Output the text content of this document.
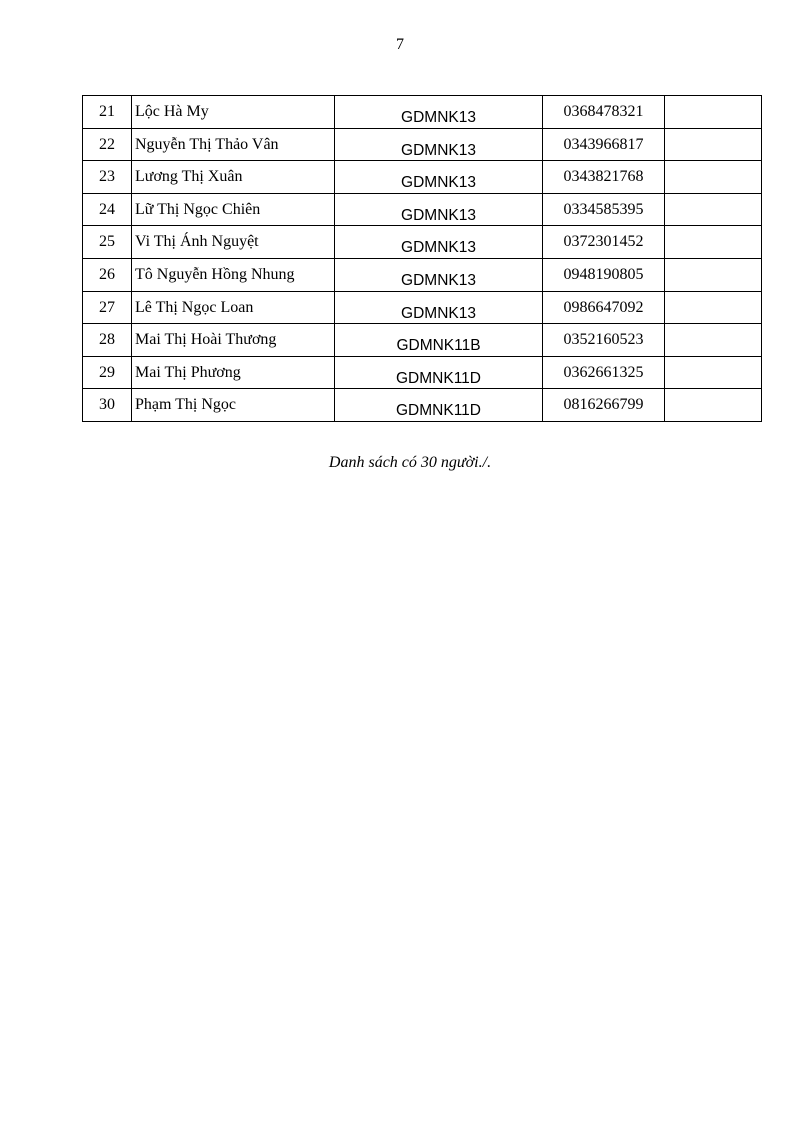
7
21	Lộc Hà My	GDMNK13	0368478321	
22	Nguyễn Thị Thảo Vân	GDMNK13	0343966817	
23	Lương Thị Xuân	GDMNK13	0343821768	
24	Lữ Thị Ngọc Chiên	GDMNK13	0334585395	
25	Vi Thị Ánh Nguyệt	GDMNK13	0372301452	
26	Tô Nguyễn Hồng Nhung	GDMNK13	0948190805	
27	Lê Thị Ngọc Loan	GDMNK13	0986647092	
28	Mai Thị Hoài Thương	GDMNK11B	0352160523	
29	Mai Thị Phương	GDMNK11D	0362661325	
30	Phạm Thị Ngọc	GDMNK11D	0816266799	
Danh sách có 30 người./.
